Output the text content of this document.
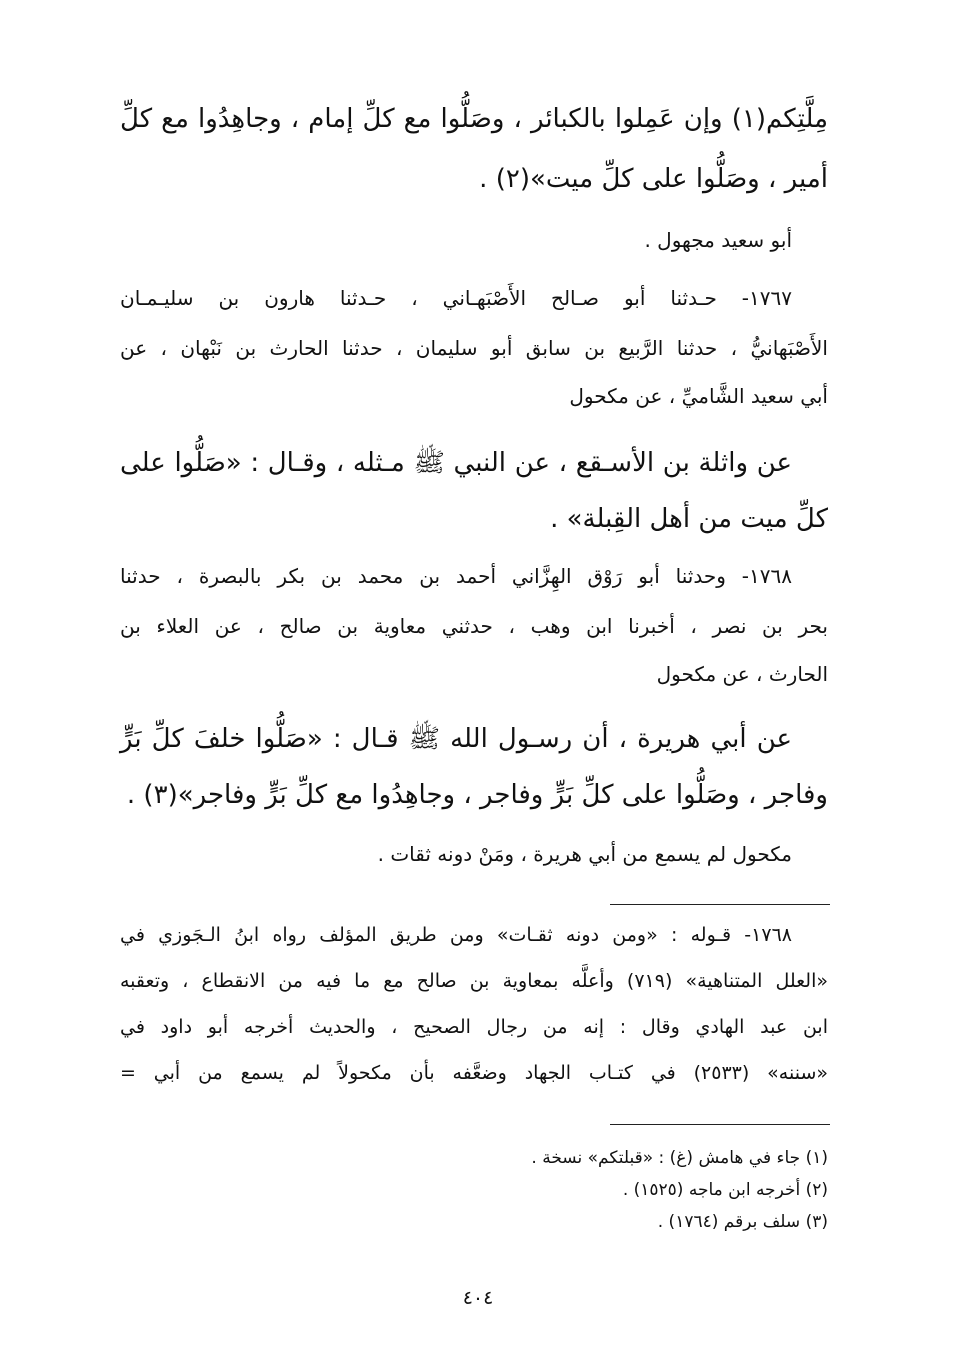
مِلَّتِكم(١) وإن عَمِلوا بالكبائر ، وصَلُّوا مع كلِّ إمام ، وجاهِدُوا مع كلِّ
أمير ، وصَلُّوا على كلِّ ميت»(٢) .
أبو سعيد مجهول .
١٧٦٧- حـدثنا أبو صـالح الأَصْبَهـاني ، حـدثنا هارون بن سليـمـان
الأَصْبَهانيُّ ، حدثنا الرَّبيع بن سابق أبو سليمان ، حدثنا الحارث بن نَبْهان ، عن
أبي سعيد الشَّاميِّ ، عن مكحول
عن واثلة بن الأسـقع ، عن النبي ﷺ مـثله ، وقـال : «صَلُّوا على
كلِّ ميت من أهل القِبلة» .
١٧٦٨- وحدثنا أبو رَوْق الهِزَّاني أحمد بن محمد بن بكر بالبصرة ، حدثنا
بحر بن نصر ، أخبرنا ابن وهب ، حدثني معاوية بن صالح ، عن العلاء بن
الحارث ، عن مكحول
عن أبي هريرة ، أن رسـول الله ﷺ قـال : «صَلُّوا خلفَ كلِّ بَرٍّ
وفاجر ، وصَلُّوا على كلِّ بَرٍّ وفاجر ، وجاهِدُوا مع كلِّ بَرٍّ وفاجر»(٣) .
مكحول لم يسمع من أبي هريرة ، ومَنْ دونه ثقات .
١٧٦٨- قـوله : «ومن دونه ثقـات» ومن طريق المؤلف رواه ابنُ الـجَوزي في
«العلل المتناهية» (٧١٩) وأعلَّه بمعاوية بن صالح مع ما فيه من الانقطاع ، وتعقبه
ابن عبد الهادي وقال : إنه من رجال الصحيح ، والحديث أخرجه أبو داود في
«سننه» (٢٥٣٣) في كتـاب الجهاد وضعَّفه بأن مكحولاً لم يسمع من أبي =
(١) جاء في هامش (غ) : «قبلتكم» نسخة .
(٢) أخرجه ابن ماجه (١٥٢٥) .
(٣) سلف برقم (١٧٦٤) .
٤٠٤
